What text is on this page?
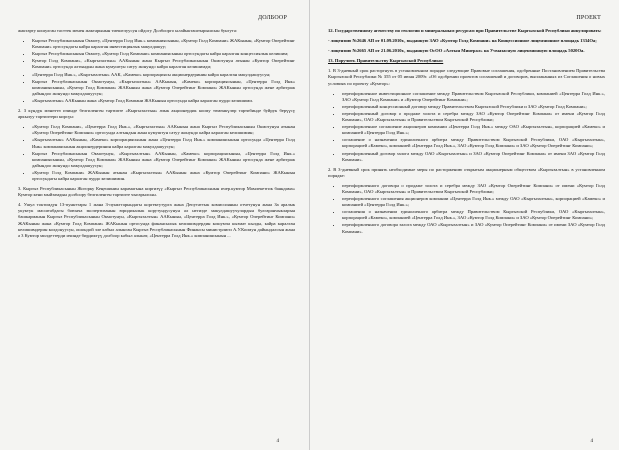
ДОЛБООР

жактарту кошулган тасттек менен жактарынын тиешелуусун ойдогу Долбоорго ылайыкташтырышсын бунгута:

• Кыргыз Республикасынын Окмоту, «Центерра Голд Инк.» компаниясынын, «Кумтор Голд Компани» ЖАКынын, «Кумтор Оперейтинг Компани» ортосундагы кайра каралган инвестициялык макулдашуу;
• Кыргыз Республикасынын Окмоту, «Кумтор Голд Компани» компаниясынын ортосундагы кайра каралган концессиялык келишим;
• Кумтор Голд Компани», «Кыргызалтын» ААКынын жана Кыргыз Республикасынын Окмотунун атынан «Кумтор Оперейтинг Компани» ортосунда алтындын жана кумуштун сатуу жонундо кайра каралган келишимди;
• «Центерра Голд Инк.», «Кыргызалтын» ААК, «Камеко» корпорациясы акционердеринин кайра каралган макулдашуусун;
• Кыргыз Республикасынын Окмотунун, «Кыргызалтын» ААКынын, «Камеко» корпорациясынын, «Центерра Голд Инк» компаниясынын, «Кумтор Голд Компани» ЖАКынын жана «Кумтор Оперейтинг Компани» ЖАКынын ортосунда жене арбитраж дайындоо жонундо макулдашуусун;
• «Кыргызалтын» ААКынын жана «Кумтор Голд Компани ЖАКынын ортосунда кайра каралган пурдо келишими.

2. 3 күндүк мөнөттө ичинде белгиленген тартипте «Кыргызалтын» ачык акционердик коому төмөнкүлөр тартибинде буйрук берүүсү аркылуу тартиптери кирсүн:

• «Кумтор Голд Компани», «Центерра Голд Инк.», «Кыргызалтын» ААКынын жана Кыргыз Республикасынын Окмотунун атынан «Кумтор Оперейтинг Компани» ортосунда алтындын жана кумуштун сатуу жонундо кайра каралган келишимин;
• «Кыргызалтын» ААКынын, «Камеко» корпорациясынын жана «Центерра Голд Инк.» компаниясынын ортосунда «Центерра Голд Инк» компаниясынын акционердеринин кайра каралган макулдашуусун;
• Кыргыз Республикасынын Окмотунун, «Кыргызалтын» ААКынын, «Камеко» корпорациясынын, «Центерра Голд Инк.» компаниясынын, «Кумтор Голд Компани» ЖАКынын жана «Кумтор Оперейтинг Компани» ЖАКынын ортосунда жене арбитраж дайындоо жонундо макулдашуусун;
• «Кумтор Голд Компани» ЖАКынын атынан «Кыргызалтын» ААКынын жана «Кумтор Оперейтинг Компани» ЖАКынын ортосундагы кайра каралган пурдо келишимин.

3. Кыргыз Республикасынын Жогорку Кеңешинин карамагына киргизүү «Кыргыз Республикасынын ичер.кумтор Мамлекетгик баяндама» Кумтор кени мыйзамдын долбоору белгиленген тартипте чыгарылсын.

4. Ушул токтомдун 13-пункттары 1 жана 3-пункттарындагы коргектутурга жана Депутаттык комиссиянын отчетунун жана За аралык укуктук масштабдагы боюнча экспертизанын юридикалык корутундусунун ал негизде макулдашуучулардын булгаранчыкларын башкарманын Кыргыз Республикасынын Окмотунун, «Кыргызалтын» ААКынын, «Центерра Голд Инк.», «Кумтор Оперейтинг Компани» ЖАКынын жана «Кумтор Голд Компани» ЖАКынын ортосунда финансылык келишимдердин кошумча кызмат кылды, кайра каралган келишимдерин колдонуусун, ошондой эле кабыл алынган Кыргыз Республикасынын Финансы министрлиги А.У.Коомун дайындалсын жана а 3 Кумтор милдеттерди ичинде бирдиктүү долбоор кабыл алынат, «Центерра Голд Инк.» компаниясынын ...

4
ПРОЕКТ

12. Государственному агентству по геологии и минеральным ресурсам при Правительстве Кыргызской Республики аннулировать:

- лицензию №2646 АП от 01.09.2010г., выданную ЗАО «Кумтор Голд Компани» на Концессионное лицензионное площадь 1334Оа;

- лицензию №2665 АП от 21.06.2010г., выданную ОсОО «Алтын Минерал» на Учмазасную лицензионную площадь 5020Оа.

13. Поручить Правительству Кыргызской Республики:

1. В 3-дневный срок расторгнуть в установленном порядке следующие Правовые соглашения, одобренные Постановлением Правительства Кыргызской Республики № 355 от 05 июня 2009г. «Об одобрении проектов соглашений и договоров, выплаканных из Соглашения о новых условиях по проекту «Кумтор»:

• переоформленное инвестиционное соглашение между Правительством Кыргызской Республики, компанией «Центерра Голд Инк.», ЗАО «Кумтор Голд Компани» и «Кумтор Оперейтинг Компани»;
• переоформленный концессионный договор между Правительством Кыргызской Республики и ЗАО «Кумтор Голд Компани»;
• переоформленный договор о продаже золота и серебра между ЗАО «Кумтор Оперейтинг Компани» от имени «Кумтор Голд Компани», ОАО «Кыргызалтын» и Правительством Кыргызской Республики;
• переоформленное соглашение акционеров компании «Центерра Голд Инк.» между ОАО «Кыргызалтын», корпорацией «Камеко» и компанией «Центерра Голд Инк.»;
• соглашение о назначении единоличного арбитра между Правительством Кыргызской Республики, ОАО «Кыргызалтын», корпорацией «Камеко», компанией «Центерра Голд Инк.», ЗАО «Кумтор Голд Компани» и ЗАО «Кумтор Оперейтинг Компани»;
• переоформленный договор залога между ОАО «Кыргызалтын» и ЗАО «Кумтор Оперейтинг Компани» от имени ЗАО «Кумтор Голд Компани».

2. В 3-дневный срок принять необходимые меры по расторжению открытым акционерным обществом «Кыргызалтын» в установленном порядке:

• переоформленного договора о продаже золота и серебра между ЗАО «Кумтор Оперейтинг Компани» от имени «Кумтор Голд Компани», ОАО «Кыргызалтын» и Правительством Кыргызской Республики;
• переоформленного соглашения акционеров компании «Центерра Голд Инк.» между ОАО «Кыргызалтын», корпорацией «Камеко» и компанией «Центерра Голд Инк.»;
• соглашения о назначении единоличного арбитра между Правительством Кыргызской Республики, ОАО «Кыргызалтын», корпорацией «Камеко», компанией «Центерра Голд Инк.», ЗАО «Кумтор Голд Компани» и ЗАО «Кумтор Оперейтинг Компани»;
• переоформленного договора залога между ОАО «Кыргызалтын» и ЗАО «Кумтор Оперейтинг Компани» от имени ЗАО «Кумтор Голд Компани».
4
